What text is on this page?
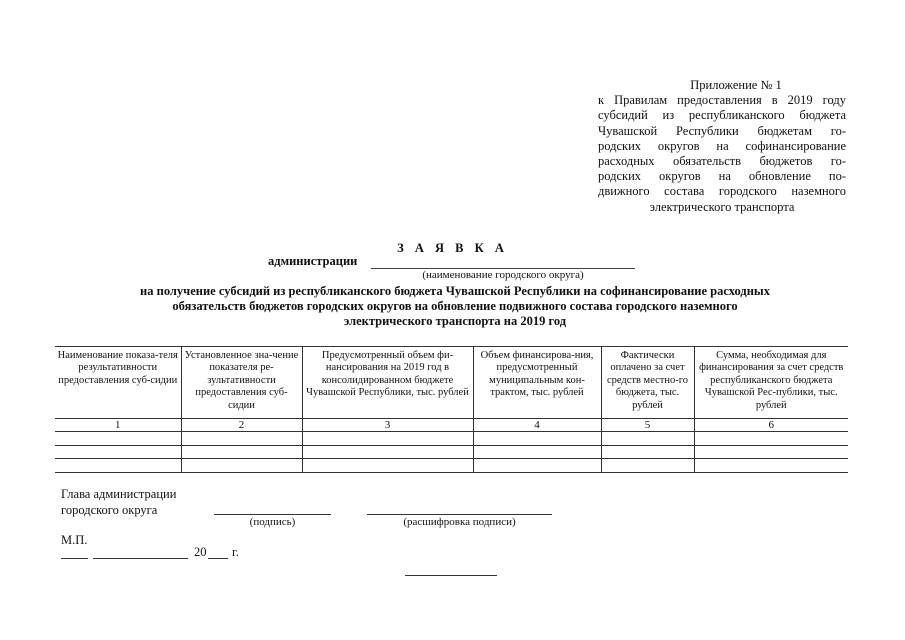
Приложение № 1
к Правилам предоставления в 2019 году
субсидий из республиканского бюджета
Чувашской Республики бюджетам го-
родских округов на софинансирование
расходных обязательств бюджетов го-
родских округов на обновление по-
движного состава городского наземного
электрического транспорта
З А Я В К А
администрации
(наименование городского округа)
на получение субсидий из республиканского бюджета Чувашской Республики на софинансирование расходных
обязательств бюджетов городских округов на обновление подвижного состава городского наземного
электрического транспорта на 2019 год
Наименование показа-теля результативности предоставления суб-сидии	Установленное зна-чение показателя ре-зультативности предоставления суб-сидии	Предусмотренный объем фи-нансирования на 2019 год в консолидированном бюджете Чувашской Республики, тыс. рублей	Объем финансирова-ния, предусмотренный муниципальным кон-трактом, тыс. рублей	Фактически оплачено за счет средств местно-го бюджета, тыс. рублей	Сумма, необходимая для финансирования за счет средств республиканского бюджета Чувашской Рес-публики, тыс. рублей
1	2	3	4	5	6

Глава администрации
городского округа
(подпись)	(расшифровка подписи)
М.П.
20 г.
